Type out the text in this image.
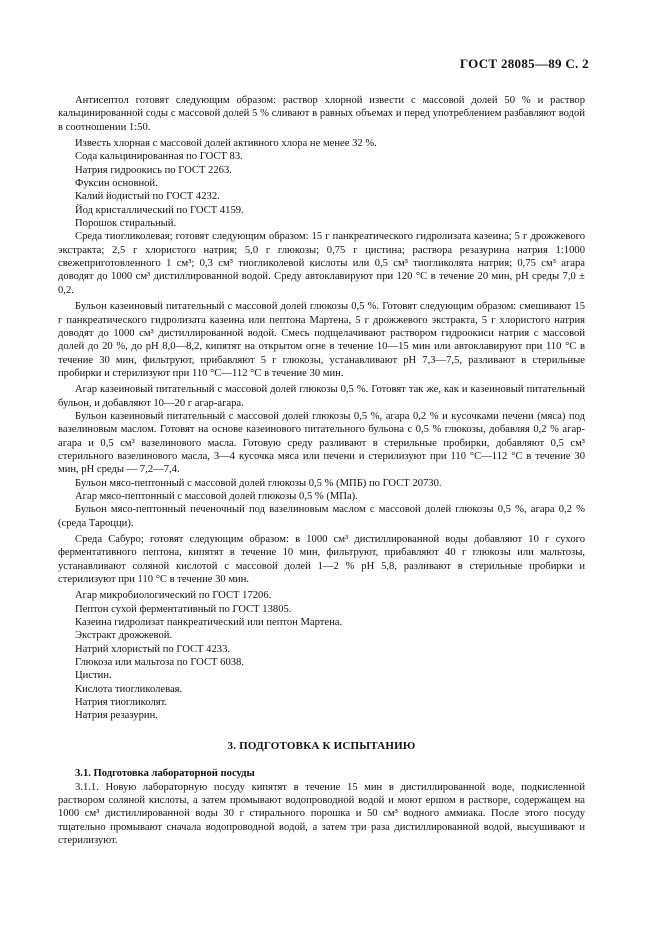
ГОСТ 28085—89 С. 2

Антисептол готовят следующим образом: раствор хлорной извести с массовой долей 50 % и раствор кальцинированной соды с массовой долей 5 % сливают в равных объемах и перед употреблением разбавляют водой в соотношении 1:50.

Известь хлорная с массовой долей активного хлора не менее 32 %.

Сода кальцинированная по ГОСТ 83.

Натрия гидроокись по ГОСТ 2263.

Фуксин основной.

Калий йодистый по ГОСТ 4232.

Йод кристаллический по ГОСТ 4159.

Порошок стиральный.

Среда тиогликолевая; готовят следующим образом: 15 г панкреатического гидролизата казеина; 5 г дрожжевого экстракта; 2,5 г хлористого натрия; 5,0 г глюкозы; 0,75 г цистина; раствора резазурина натрия 1:1000 свежеприготовленного 1 см³; 0,3 см³ тиогликолевой кислоты или 0,5 см³ тиогликолята натрия; 0,75 см³ агара доводят до 1000 см³ дистиллированной водой. Среду автоклавируют при 120 °С в течение 20 мин, pH среды 7,0 ± 0,2.

Бульон казеиновый питательный с массовой долей глюкозы 0,5 %. Готовят следующим образом: смешивают 15 г панкреатического гидролизата казеина или пептона Мартена, 5 г дрожжевого экстракта, 5 г хлористого натрия доводят до 1000 см³ дистиллированной водой. Смесь подщелачивают раствором гидроокиси натрия с массовой долей до 20 %, до pH 8,0—8,2, кипятят на открытом огне в течение 10—15 мин или автоклавируют при 110 °С в течение 30 мин, фильтруют, прибавляют 5 г глюкозы, устанавливают pH 7,3—7,5, разливают в стерильные пробирки и стерилизуют при 110 °С—112 °С в течение 30 мин.

Агар казеиновый питательный с массовой долей глюкозы 0,5 %. Готовят так же, как и казеиновый питательный бульон, и добавляют 10—20 г агар-агара.

Бульон казеиновый питательный с массовой долей глюкозы 0,5 %, агара 0,2 % и кусочками печени (мяса) под вазелиновым маслом. Готовят на основе казеинового питательного бульона с 0,5 % глюкозы, добавляя 0,2 % агар-агара и 0,5 см³ вазелинового масла. Готовую среду разливают в стерильные пробирки, добавляют 0,5 см³ стерильного вазелинового масла, 3—4 кусочка мяса или печени и стерилизуют при 110 °С—112 °С в течение 30 мин, pH среды — 7,2—7,4.

Бульон мясо-пептонный с массовой долей глюкозы 0,5 % (МПБ) по ГОСТ 20730.

Агар мясо-пептонный с массовой долей глюкозы 0,5 % (МПа).

Бульон мясо-пептонный печеночный под вазелиновым маслом с массовой долей глюкозы 0,5 %, агара 0,2 % (среда Тароцци).

Среда Сабуро; готовят следующим образом: в 1000 см³ дистиллированной воды добавляют 10 г сухого ферментативного пептона, кипятят в течение 10 мин, фильтруют, прибавляют 40 г глюкозы или мальтозы, устанавливают соляной кислотой с массовой долей 1—2 % pH 5,8, разливают в стерильные пробирки и стерилизуют при 110 °С в течение 30 мин.

Агар микробиологический по ГОСТ 17206.

Пептон сухой ферментативный по ГОСТ 13805.

Казеина гидролизат панкреатический или пептон Мартена.

Экстракт дрожжевой.

Натрий хлористый по ГОСТ 4233.

Глюкоза или мальтоза по ГОСТ 6038.

Цистин.

Кислота тиогликолевая.

Натрия тиогликолят.

Натрия резазурин.

3. ПОДГОТОВКА К ИСПЫТАНИЮ

3.1. Подготовка лабораторной посуды

3.1.1. Новую лабораторную посуду кипятят в течение 15 мин в дистиллированной воде, подкисленной раствором соляной кислоты, а затем промывают водопроводной водой и моют ершом в растворе, содержащем на 1000 см³ дистиллированной воды 30 г стирального порошка и 50 см³ водного аммиака. После этого посуду тщательно промывают сначала водопроводной водой, а затем три раза дистиллированной водой, высушивают и стерилизуют.
